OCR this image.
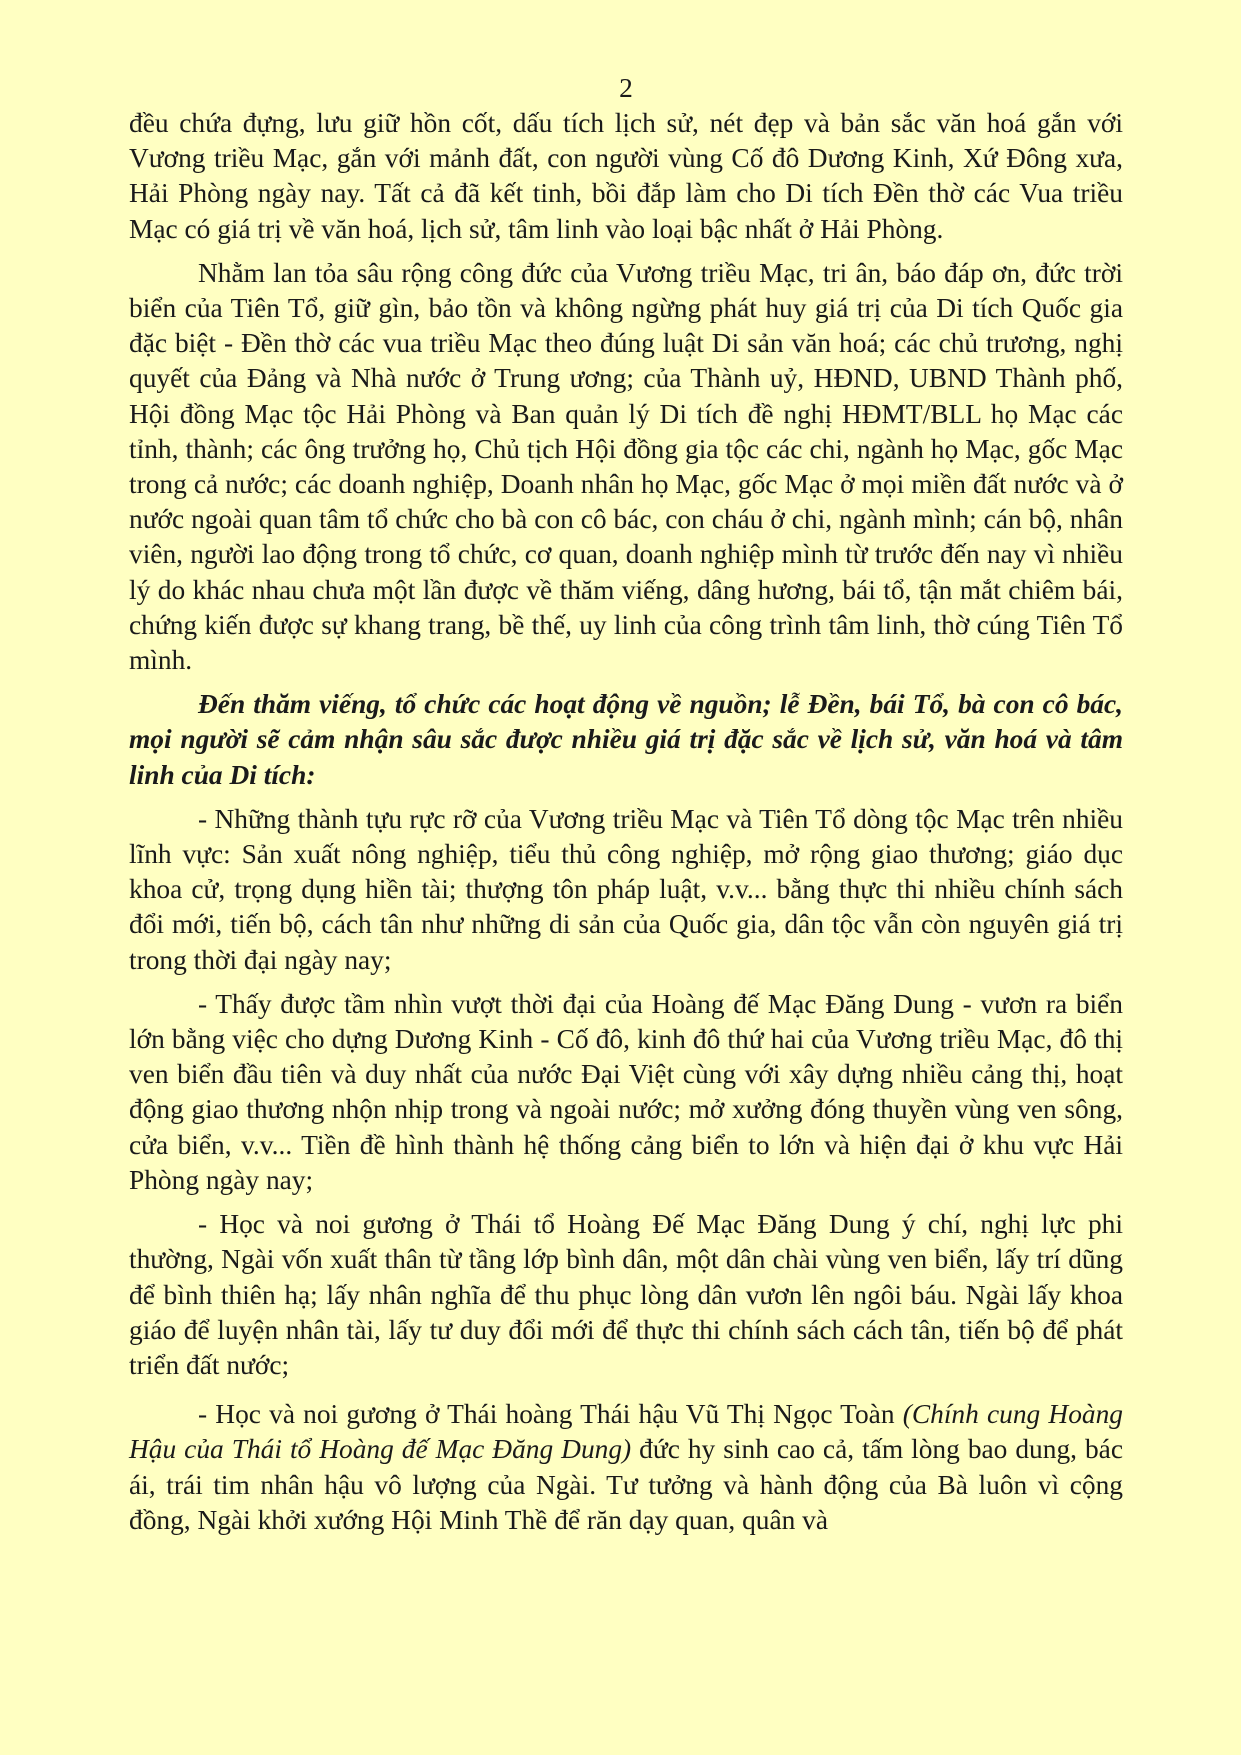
2

đều chứa đựng, lưu giữ hồn cốt, dấu tích lịch sử, nét đẹp và bản sắc văn hoá gắn với Vương triều Mạc, gắn với mảnh đất, con người vùng Cố đô Dương Kinh, Xứ Đông xưa, Hải Phòng ngày nay. Tất cả đã kết tinh, bồi đắp làm cho Di tích Đền thờ các Vua triều Mạc có giá trị về văn hoá, lịch sử, tâm linh vào loại bậc nhất ở Hải Phòng.

Nhằm lan tỏa sâu rộng công đức của Vương triều Mạc, tri ân, báo đáp ơn, đức trời biển của Tiên Tổ, giữ gìn, bảo tồn và không ngừng phát huy giá trị của Di tích Quốc gia đặc biệt - Đền thờ các vua triều Mạc theo đúng luật Di sản văn hoá; các chủ trương, nghị quyết của Đảng và Nhà nước ở Trung ương; của Thành uỷ, HĐND, UBND Thành phố, Hội đồng Mạc tộc Hải Phòng và Ban quản lý Di tích đề nghị HĐMT/BLL họ Mạc các tỉnh, thành; các ông trưởng họ, Chủ tịch Hội đồng gia tộc các chi, ngành họ Mạc, gốc Mạc trong cả nước; các doanh nghiệp, Doanh nhân họ Mạc, gốc Mạc ở mọi miền đất nước và ở nước ngoài quan tâm tổ chức cho bà con cô bác, con cháu ở chi, ngành mình; cán bộ, nhân viên, người lao động trong tổ chức, cơ quan, doanh nghiệp mình từ trước đến nay vì nhiều lý do khác nhau chưa một lần được về thăm viếng, dâng hương, bái tổ, tận mắt chiêm bái, chứng kiến được sự khang trang, bề thế, uy linh của công trình tâm linh, thờ cúng Tiên Tổ mình.

Đến thăm viếng, tổ chức các hoạt động về nguồn; lễ Đền, bái Tổ, bà con cô bác, mọi người sẽ cảm nhận sâu sắc được nhiều giá trị đặc sắc về lịch sử, văn hoá và tâm linh của Di tích:

- Những thành tựu rực rỡ của Vương triều Mạc và Tiên Tổ dòng tộc Mạc trên nhiều lĩnh vực: Sản xuất nông nghiệp, tiểu thủ công nghiệp, mở rộng giao thương; giáo dục khoa cử, trọng dụng hiền tài; thượng tôn pháp luật, v.v... bằng thực thi nhiều chính sách đổi mới, tiến bộ, cách tân như những di sản của Quốc gia, dân tộc vẫn còn nguyên giá trị trong thời đại ngày nay;

- Thấy được tầm nhìn vượt thời đại của Hoàng đế Mạc Đăng Dung - vươn ra biển lớn bằng việc cho dựng Dương Kinh - Cố đô, kinh đô thứ hai của Vương triều Mạc, đô thị ven biển đầu tiên và duy nhất của nước Đại Việt cùng với xây dựng nhiều cảng thị, hoạt động giao thương nhộn nhịp trong và ngoài nước; mở xưởng đóng thuyền vùng ven sông, cửa biển, v.v... Tiền đề hình thành hệ thống cảng biển to lớn và hiện đại ở khu vực Hải Phòng ngày nay;

- Học và noi gương ở Thái tổ Hoàng Đế Mạc Đăng Dung ý chí, nghị lực phi thường, Ngài vốn xuất thân từ tầng lớp bình dân, một dân chài vùng ven biển, lấy trí dũng để bình thiên hạ; lấy nhân nghĩa để thu phục lòng dân vươn lên ngôi báu. Ngài lấy khoa giáo để luyện nhân tài, lấy tư duy đổi mới để thực thi chính sách cách tân, tiến bộ để phát triển đất nước;

- Học và noi gương ở Thái hoàng Thái hậu Vũ Thị Ngọc Toàn (Chính cung Hoàng Hậu của Thái tổ Hoàng đế Mạc Đăng Dung) đức hy sinh cao cả, tấm lòng bao dung, bác ái, trái tim nhân hậu vô lượng của Ngài. Tư tưởng và hành động của Bà luôn vì cộng đồng, Ngài khởi xướng Hội Minh Thề để răn dạy quan, quân và
